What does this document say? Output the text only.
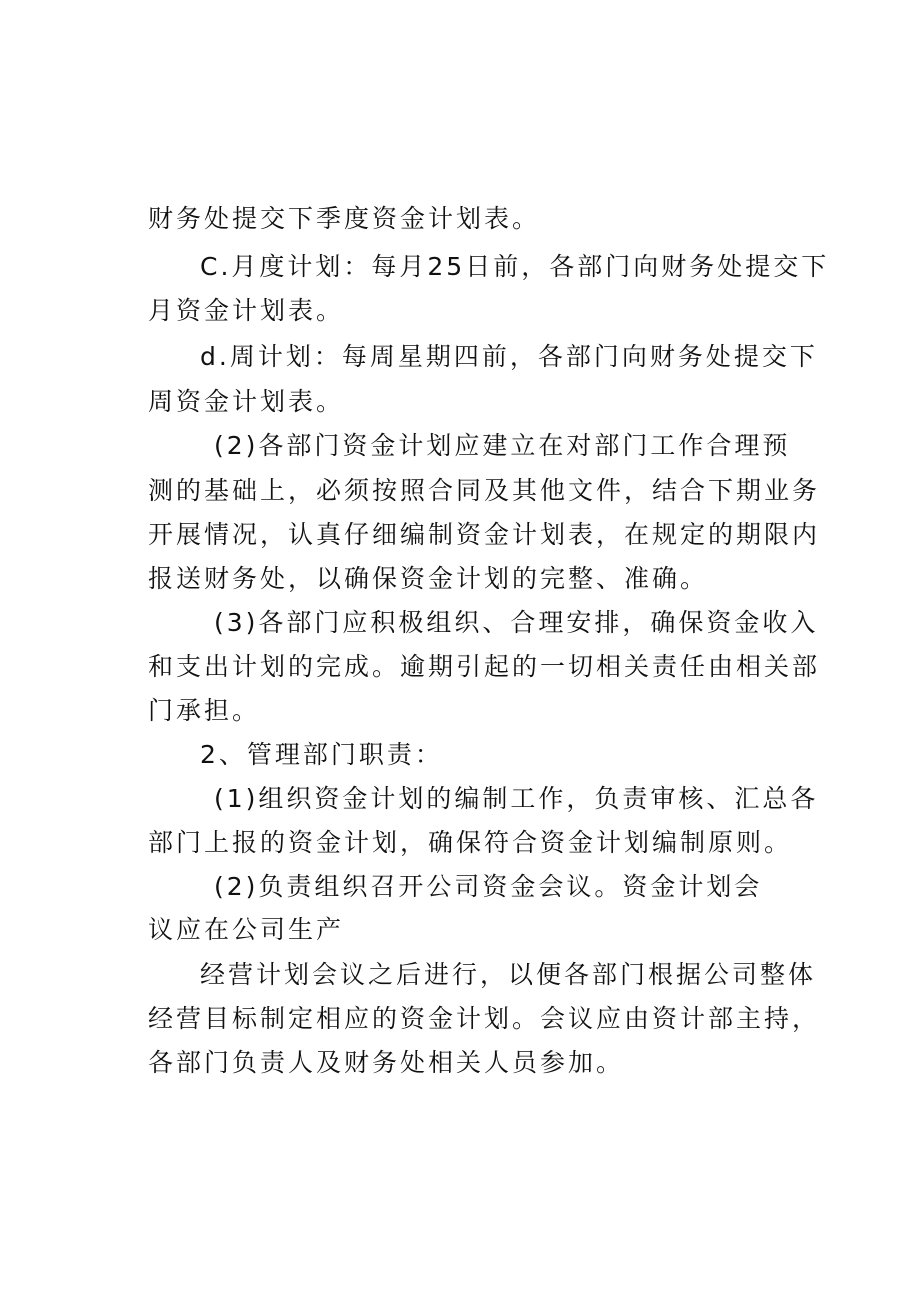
财务处提交下季度资金计划表。

C.月度计划：每月25日前，各部门向财务处提交下

月资金计划表。

d.周计划：每周星期四前，各部门向财务处提交下

周资金计划表。

(2)各部门资金计划应建立在对部门工作合理预

测的基础上，必须按照合同及其他文件，结合下期业务

开展情况，认真仔细编制资金计划表，在规定的期限内

报送财务处，以确保资金计划的完整、准确。

(3)各部门应积极组织、合理安排，确保资金收入

和支出计划的完成。逾期引起的一切相关责任由相关部

门承担。

2、管理部门职责：

(1)组织资金计划的编制工作，负责审核、汇总各

部门上报的资金计划，确保符合资金计划编制原则。

(2)负责组织召开公司资金会议。资金计划会

议应在公司生产

经营计划会议之后进行，以便各部门根据公司整体

经营目标制定相应的资金计划。会议应由资计部主持，

各部门负责人及财务处相关人员参加。
